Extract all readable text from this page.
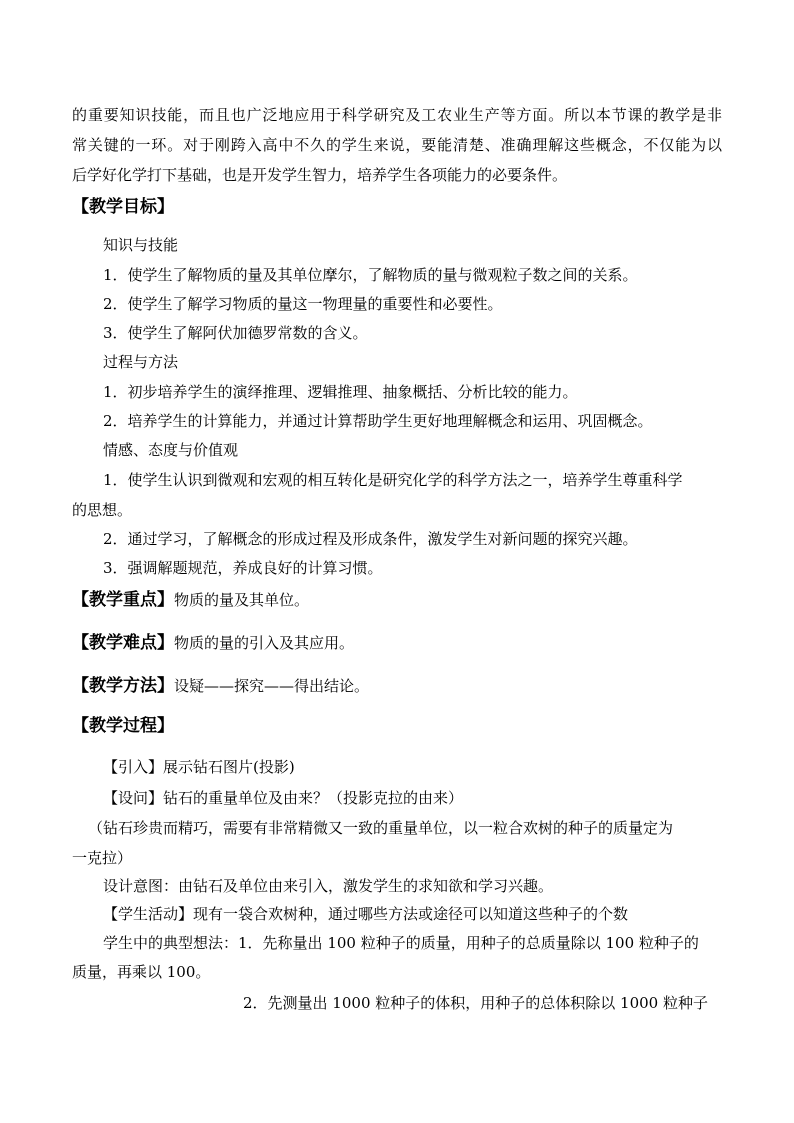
的重要知识技能，而且也广泛地应用于科学研究及工农业生产等方面。所以本节课的教学是非
常关键的一环。对于刚跨入高中不久的学生来说，要能清楚、准确理解这些概念，不仅能为以
后学好化学打下基础，也是开发学生智力，培养学生各项能力的必要条件。
【教学目标】
知识与技能
1．使学生了解物质的量及其单位摩尔，了解物质的量与微观粒子数之间的关系。
2．使学生了解学习物质的量这一物理量的重要性和必要性。
3．使学生了解阿伏加德罗常数的含义。
过程与方法
1．初步培养学生的演绎推理、逻辑推理、抽象概括、分析比较的能力。
2．培养学生的计算能力，并通过计算帮助学生更好地理解概念和运用、巩固概念。
情感、态度与价值观
1．使学生认识到微观和宏观的相互转化是研究化学的科学方法之一，培养学生尊重科学
的思想。
2．通过学习，了解概念的形成过程及形成条件，激发学生对新问题的探究兴趣。
3．强调解题规范，养成良好的计算习惯。
【教学重点】物质的量及其单位。
【教学难点】物质的量的引入及其应用。
【教学方法】设疑——探究——得出结论。
【教学过程】
【引入】展示钻石图片(投影)
【设问】钻石的重量单位及由来？（投影克拉的由来）
（钻石珍贵而精巧，需要有非常精微又一致的重量单位，以一粒合欢树的种子的质量定为
一克拉）
设计意图：由钻石及单位由来引入，激发学生的求知欲和学习兴趣。
【学生活动】现有一袋合欢树种，通过哪些方法或途径可以知道这些种子的个数
学生中的典型想法：1．先称量出 100 粒种子的质量，用种子的总质量除以 100 粒种子的
质量，再乘以 100。
2．先测量出 1000 粒种子的体积，用种子的总体积除以 1000 粒种子
